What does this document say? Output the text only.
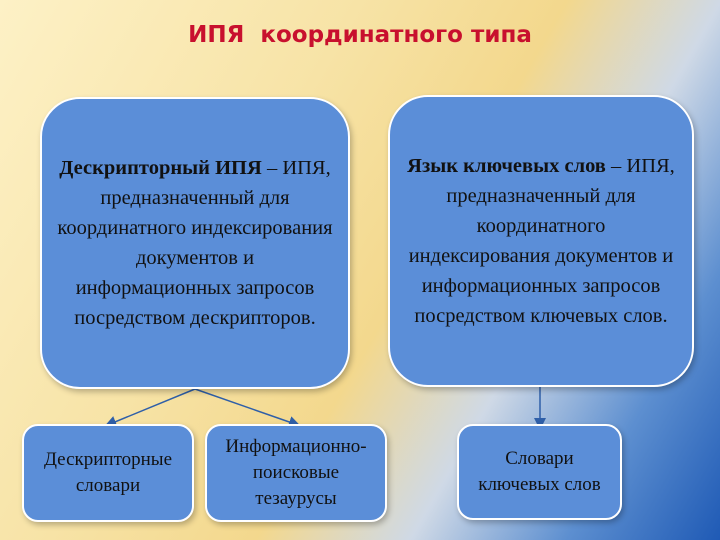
ИПЯ  координатного типа
Дескрипторный ИПЯ – ИПЯ, предназначенный для координатного индексирования документов и информационных запросов посредством дескрипторов.
Язык ключевых слов – ИПЯ, предназначенный для координатного индексирования документов и информационных запросов посредством ключевых слов.
Дескрипторные словари
Информационно-поисковые тезаурусы
Словари ключевых слов
